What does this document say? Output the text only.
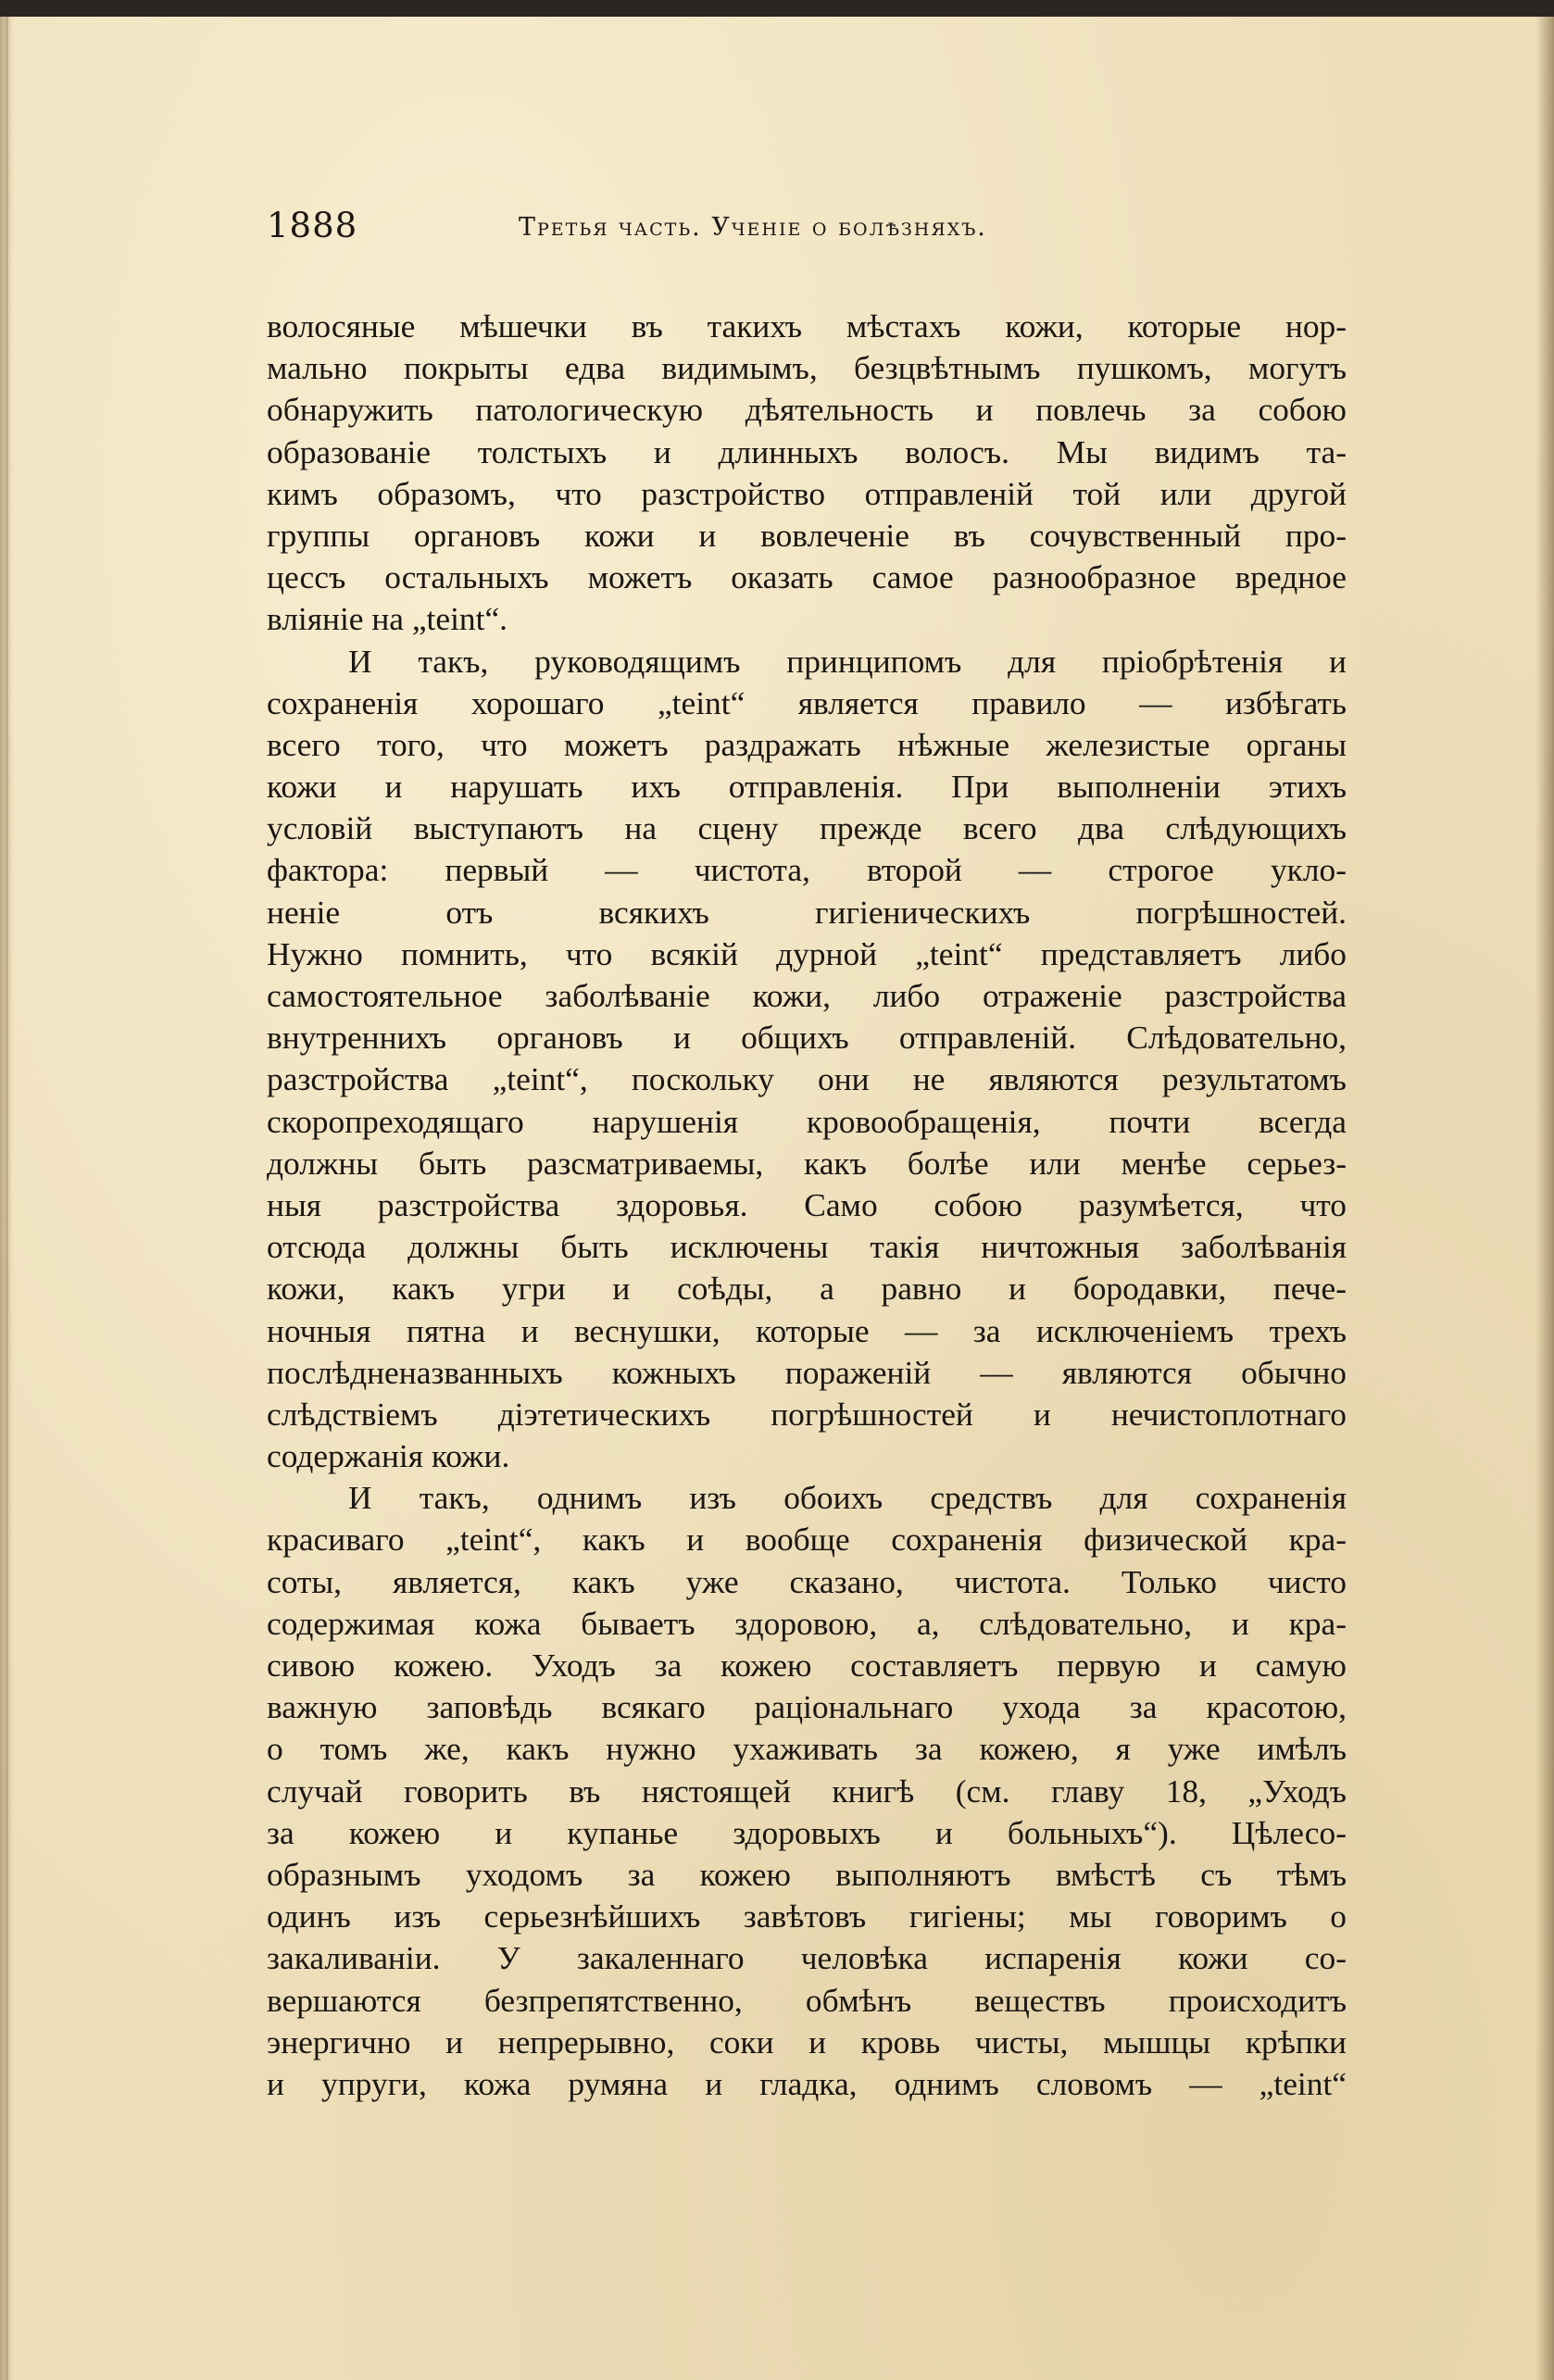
1888	Третья часть. Ученіе о болѣзняхъ.
волосяные мѣшечки въ такихъ мѣстахъ кожи, которые нор-
мально покрыты едва видимымъ, безцвѣтнымъ пушкомъ, могутъ
обнаружить патологическую дѣятельность и повлечь за собою
образованіе толстыхъ и длинныхъ волосъ. Мы видимъ та-
кимъ образомъ, что разстройство отправленій той или другой
группы органовъ кожи и вовлеченіе въ сочувственный про-
цессъ остальныхъ можетъ оказать самое разнообразное вредное
вліяніе на „teint“.
И такъ, руководящимъ принципомъ для пріобрѣтенія и
сохраненія хорошаго „teint“ является правило — избѣгать
всего того, что можетъ раздражать нѣжные железистые органы
кожи и нарушать ихъ отправленія. При выполненіи этихъ
условій выступаютъ на сцену прежде всего два слѣдующихъ
фактора: первый — чистота, второй — строгое укло-
неніе отъ всякихъ гигіеническихъ погрѣшностей.
Нужно помнить, что всякій дурной „teint“ представляетъ либо
самостоятельное заболѣваніе кожи, либо отраженіе разстройства
внутреннихъ органовъ и общихъ отправленій. Слѣдовательно,
разстройства „teint“, поскольку они не являются результатомъ
скоропреходящаго нарушенія кровообращенія, почти всегда
должны быть разсматриваемы, какъ болѣе или менѣе серьез-
ныя разстройства здоровья. Само собою разумѣется, что
отсюда должны быть исключены такія ничтожныя заболѣванія
кожи, какъ угри и соѣды, а равно и бородавки, пече-
ночныя пятна и веснушки, которые — за исключеніемъ трехъ
послѣдненазванныхъ кожныхъ пораженій — являются обычно
слѣдствіемъ діэтетическихъ погрѣшностей и нечистоплотнаго
содержанія кожи.
И такъ, однимъ изъ обоихъ средствъ для сохраненія
красиваго „teint“, какъ и вообще сохраненія физической кра-
соты, является, какъ уже сказано, чистота. Только чисто
содержимая кожа бываетъ здоровою, а, слѣдовательно, и кра-
сивою кожею. Уходъ за кожею составляетъ первую и самую
важную заповѣдь всякаго раціональнаго ухода за красотою,
о томъ же, какъ нужно ухаживать за кожею, я уже имѣлъ
случай говорить въ нястоящей книгѣ (см. главу 18, „Уходъ
за кожею и купанье здоровыхъ и больныхъ“). Цѣлесо-
образнымъ уходомъ за кожею выполняютъ вмѣстѣ съ тѣмъ
одинъ изъ серьезнѣйшихъ завѣтовъ гигіены; мы говоримъ о
закаливаніи. У закаленнаго человѣка испаренія кожи со-
вершаются безпрепятственно, обмѣнъ веществъ происходитъ
энергично и непрерывно, соки и кровь чисты, мышцы крѣпки
и упруги, кожа румяна и гладка, однимъ словомъ — „teint“
